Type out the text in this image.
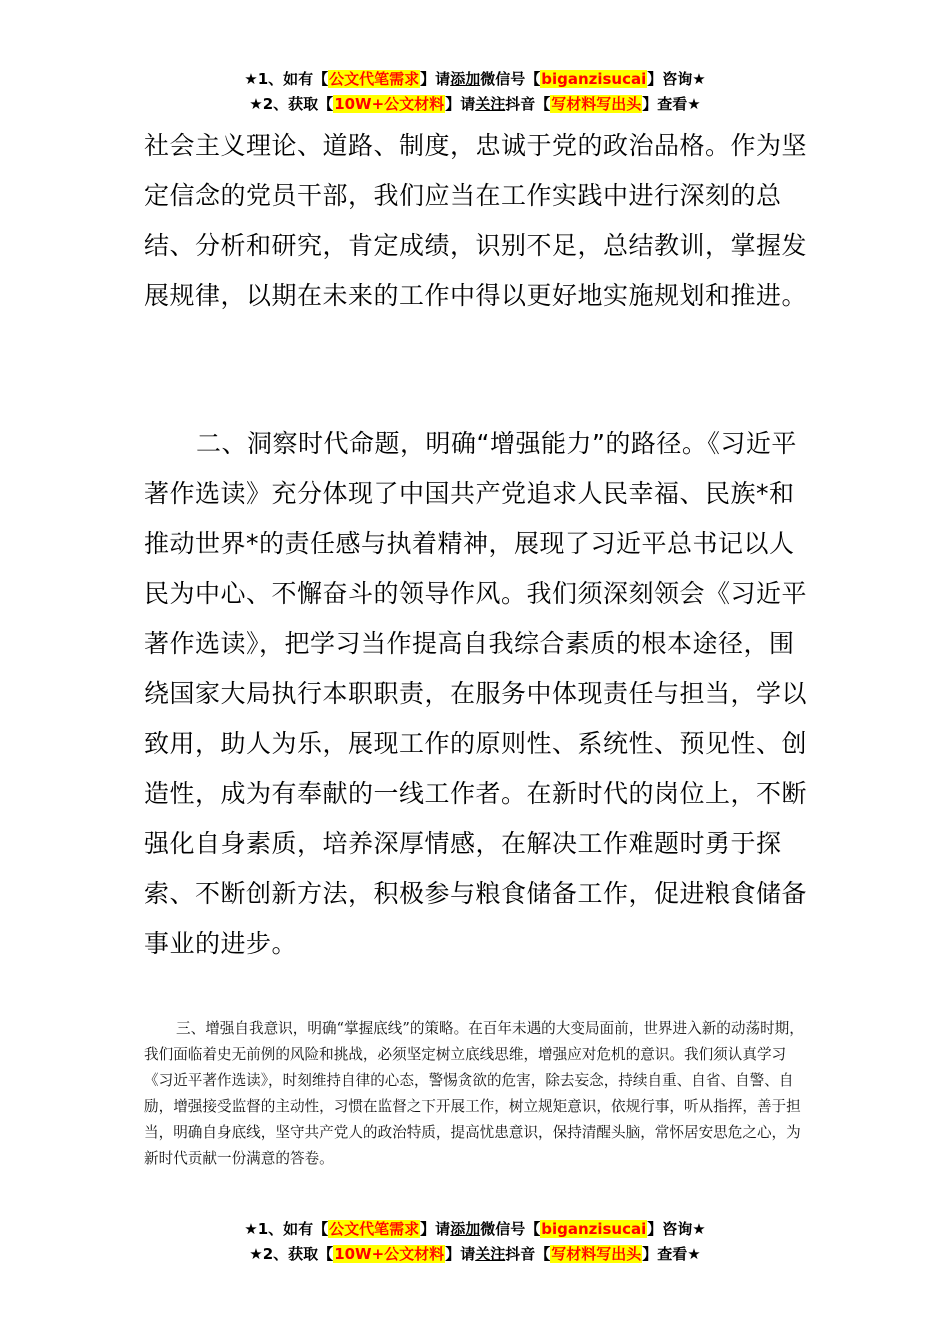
★1、如有【公文代笔需求】请添加微信号【biganzisucai】咨询★
★2、获取【10W+公文材料】请关注抖音【写材料写出头】查看★
社会主义理论、道路、制度，忠诚于党的政治品格。作为坚定信念的党员干部，我们应当在工作实践中进行深刻的总结、分析和研究，肯定成绩，识别不足，总结教训，掌握发展规律，以期在未来的工作中得以更好地实施规划和推进。
二、洞察时代命题，明确“增强能力”的路径。《习近平著作选读》充分体现了中国共产党追求人民幸福、民族*和推动世界*的责任感与执着精神，展现了习近平总书记以人民为中心、不懈奋斗的领导作风。我们须深刻领会《习近平著作选读》，把学习当作提高自我综合素质的根本途径，围绕国家大局执行本职职责，在服务中体现责任与担当，学以致用，助人为乐，展现工作的原则性、系统性、预见性、创造性，成为有奉献的一线工作者。在新时代的岗位上，不断强化自身素质，培养深厚情感，在解决工作难题时勇于探索、不断创新方法，积极参与粮食储备工作，促进粮食储备事业的进步。
三、增强自我意识，明确“掌握底线”的策略。在百年未遇的大变局面前，世界进入新的动荡时期，我们面临着史无前例的风险和挑战，必须坚定树立底线思维，增强应对危机的意识。我们须认真学习《习近平著作选读》，时刻维持自律的心态，警惕贪欲的危害，除去妄念，持续自重、自省、自警、自励，增强接受监督的主动性，习惯在监督之下开展工作，树立规矩意识，依规行事，听从指挥，善于担当，明确自身底线，坚守共产党人的政治特质，提高忧患意识，保持清醒头脑，常怀居安思危之心，为新时代贡献一份满意的答卷。
★1、如有【公文代笔需求】请添加微信号【biganzisucai】咨询★
★2、获取【10W+公文材料】请关注抖音【写材料写出头】查看★
